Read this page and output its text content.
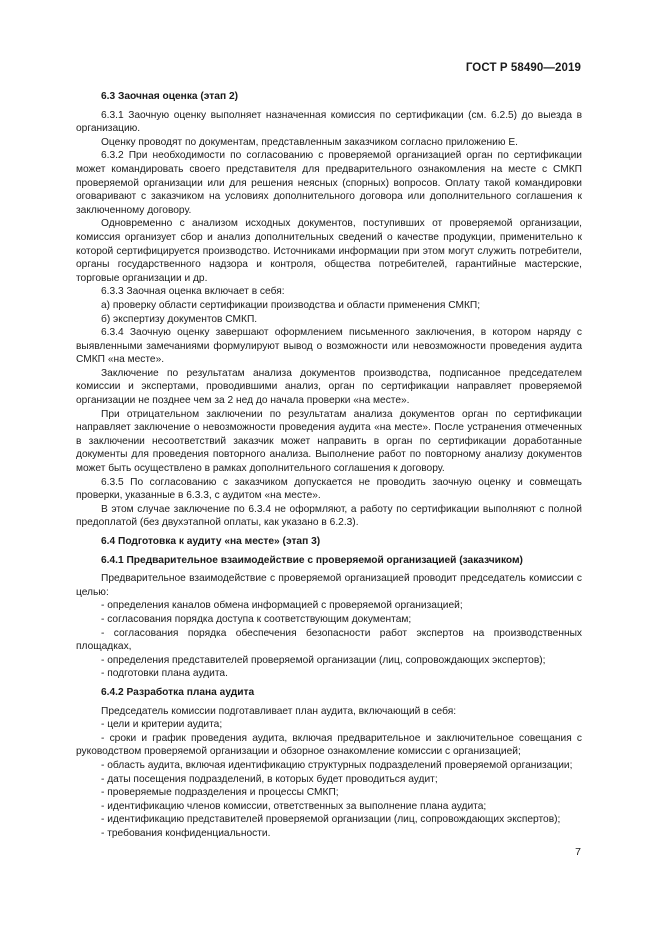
ГОСТ Р 58490—2019

6.3 Заочная оценка (этап 2)

6.3.1 Заочную оценку выполняет назначенная комиссия по сертификации (см. 6.2.5) до выезда в организацию.

Оценку проводят по документам, представленным заказчиком согласно приложению Е.

6.3.2 При необходимости по согласованию с проверяемой организацией орган по сертификации может командировать своего представителя для предварительного ознакомления на месте с СМКП проверяемой организации или для решения неясных (спорных) вопросов. Оплату такой командировки оговаривают с заказчиком на условиях дополнительного договора или дополнительного соглашения к заключенному договору.

Одновременно с анализом исходных документов, поступивших от проверяемой организации, комиссия организует сбор и анализ дополнительных сведений о качестве продукции, применительно к которой сертифицируется производство. Источниками информации при этом могут служить потребители, органы государственного надзора и контроля, общества потребителей, гарантийные мастерские, торговые организации и др.

6.3.3 Заочная оценка включает в себя:

а) проверку области сертификации производства и области применения СМКП;

б) экспертизу документов СМКП.

6.3.4 Заочную оценку завершают оформлением письменного заключения, в котором наряду с выявленными замечаниями формулируют вывод о возможности или невозможности проведения аудита СМКП «на месте».

Заключение по результатам анализа документов производства, подписанное председателем комиссии и экспертами, проводившими анализ, орган по сертификации направляет проверяемой организации не позднее чем за 2 нед до начала проверки «на месте».

При отрицательном заключении по результатам анализа документов орган по сертификации направляет заключение о невозможности проведения аудита «на месте». После устранения отмеченных в заключении несоответствий заказчик может направить в орган по сертификации доработанные документы для проведения повторного анализа. Выполнение работ по повторному анализу документов может быть осуществлено в рамках дополнительного соглашения к договору.

6.3.5 По согласованию с заказчиком допускается не проводить заочную оценку и совмещать проверки, указанные в 6.3.3, с аудитом «на месте».

В этом случае заключение по 6.3.4 не оформляют, а работу по сертификации выполняют с полной предоплатой (без двухэтапной оплаты, как указано в 6.2.3).

6.4 Подготовка к аудиту «на месте» (этап 3)

6.4.1 Предварительное взаимодействие с проверяемой организацией (заказчиком)

Предварительное взаимодействие с проверяемой организацией проводит председатель комиссии с целью:

- определения каналов обмена информацией с проверяемой организацией;

- согласования порядка доступа к соответствующим документам;

- согласования порядка обеспечения безопасности работ экспертов на производственных площадках,

- определения представителей проверяемой организации (лиц, сопровождающих экспертов);

- подготовки плана аудита.

6.4.2 Разработка плана аудита

Председатель комиссии подготавливает план аудита, включающий в себя:

- цели и критерии аудита;

- сроки и график проведения аудита, включая предварительное и заключительное совещания с руководством проверяемой организации и обзорное ознакомление комиссии с организацией;

- область аудита, включая идентификацию структурных подразделений проверяемой организации;

- даты посещения подразделений, в которых будет проводиться аудит;

- проверяемые подразделения и процессы СМКП;

- идентификацию членов комиссии, ответственных за выполнение плана аудита;

- идентификацию представителей проверяемой организации (лиц, сопровождающих экспертов);

- требования конфиденциальности.

7
